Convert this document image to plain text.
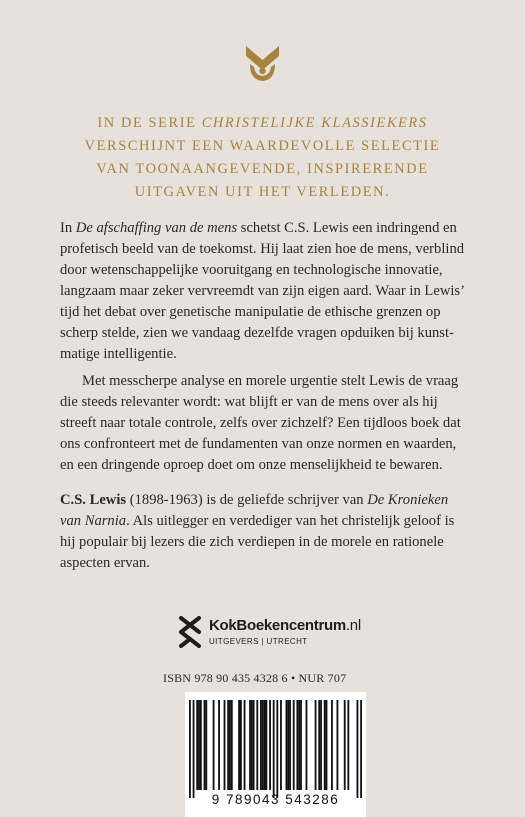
IN DE SERIE CHRISTELIJKE KLASSIEKERS
VERSCHIJNT EEN WAARDEVOLLE SELECTIE
VAN TOONAANGEVENDE, INSPIRERENDE
UITGAVEN UIT HET VERLEDEN.

In De afschaffing van de mens schetst C.S. Lewis een indringend en profetisch beeld van de toekomst. Hij laat zien hoe de mens, verblind door wetenschappelijke vooruitgang en technologische innovatie, langzaam maar zeker vervreemdt van zijn eigen aard. Waar in Lewis’ tijd het debat over genetische manipulatie de ethische grenzen op scherp stelde, zien we vandaag dezelfde vragen opduiken bij kunst-matige intelligentie.

Met messcherpe analyse en morele urgentie stelt Lewis de vraag die steeds relevanter wordt: wat blijft er van de mens over als hij streeft naar totale controle, zelfs over zichzelf? Een tijdloos boek dat ons confronteert met de fundamenten van onze normen en waarden, en een dringende oproep doet om onze menselijkheid te bewaren.

C.S. Lewis (1898-1963) is de geliefde schrijver van De Kronieken van Narnia. Als uitlegger en verdediger van het christelijk geloof is hij populair bij lezers die zich verdiepen in de morele en rationele aspecten ervan.

KokBoekencentrum.nl
UITGEVERS | UTRECHT
ISBN 978 90 435 4328 6 • NUR 707
9 789043 543286
